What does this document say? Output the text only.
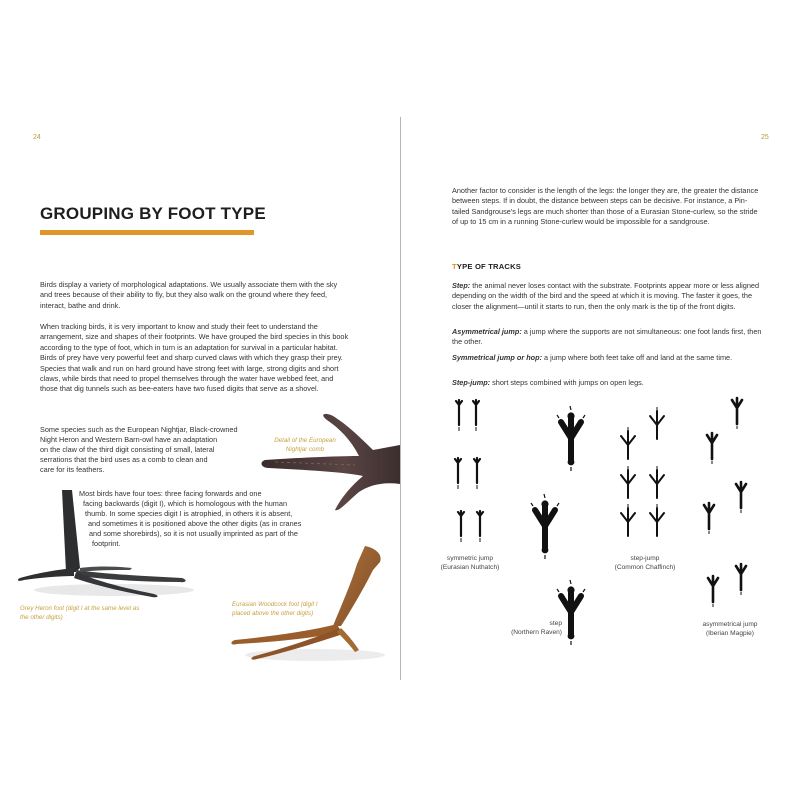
24
GROUPING BY FOOT TYPE

Birds display a variety of morphological adaptations. We usually associate them with the sky and trees because of their ability to fly, but they also walk on the ground where they feed, interact, bathe and drink.

When tracking birds, it is very important to know and study their feet to understand the arrangement, size and shapes of their footprints. We have grouped the bird species in this book according to the type of foot, which in turn is an adaptation for survival in a particular habitat. Birds of prey have very powerful feet and sharp curved claws with which they grasp their prey. Species that walk and run on hard ground have strong feet with large, strong digits and short claws, while birds that need to propel themselves through the water have webbed feet, and those that dig tunnels such as bee-eaters have two fused digits that serve as a shovel.

Detail of the European Nightjar comb
Some species such as the European Nightjar, Black-crowned
Night Heron and Western Barn-owl have an adaptation
on the claw of the third digit consisting of small, lateral
serrations that the bird uses as a comb to clean and
care for its feathers.
Most birds have four toes: three facing forwards and one
facing backwards (digit I), which is homologous with the human
thumb. In some species digit I is atrophied, in others it is absent,
and sometimes it is positioned above the other digits (as in cranes
and some shorebirds), so it is not usually imprinted as part of the
footprint.
Grey Heron foot (digit I at the same level as the other digits)
Eurasian Woodcock foot (digit I placed above the other digits)
25

Another factor to consider is the length of the legs: the longer they are, the greater the distance between steps. If in doubt, the distance between steps can be decisive. For instance, a Pin-tailed Sandgrouse's legs are much shorter than those of a Eurasian Stone-curlew, so the stride of up to 15 cm in a running Stone-curlew would be impossible for a sandgrouse.

TYPE OF TRACKS

Step: the animal never loses contact with the substrate. Footprints appear more or less aligned depending on the width of the bird and the speed at which it is moving. The faster it goes, the closer the alignment—until it starts to run, then the only mark is the tip of the front digits.

Asymmetrical jump: a jump where the supports are not simultaneous: one foot lands first, then the other.

Symmetrical jump or hop: a jump where both feet take off and land at the same time.

Step-jump: short steps combined with jumps on open legs.

symmetric jump
(Eurasian Nuthatch)
step
(Northern Raven)
step-jump
(Common Chaffinch)
asymmetrical jump
(Iberian Magpie)
